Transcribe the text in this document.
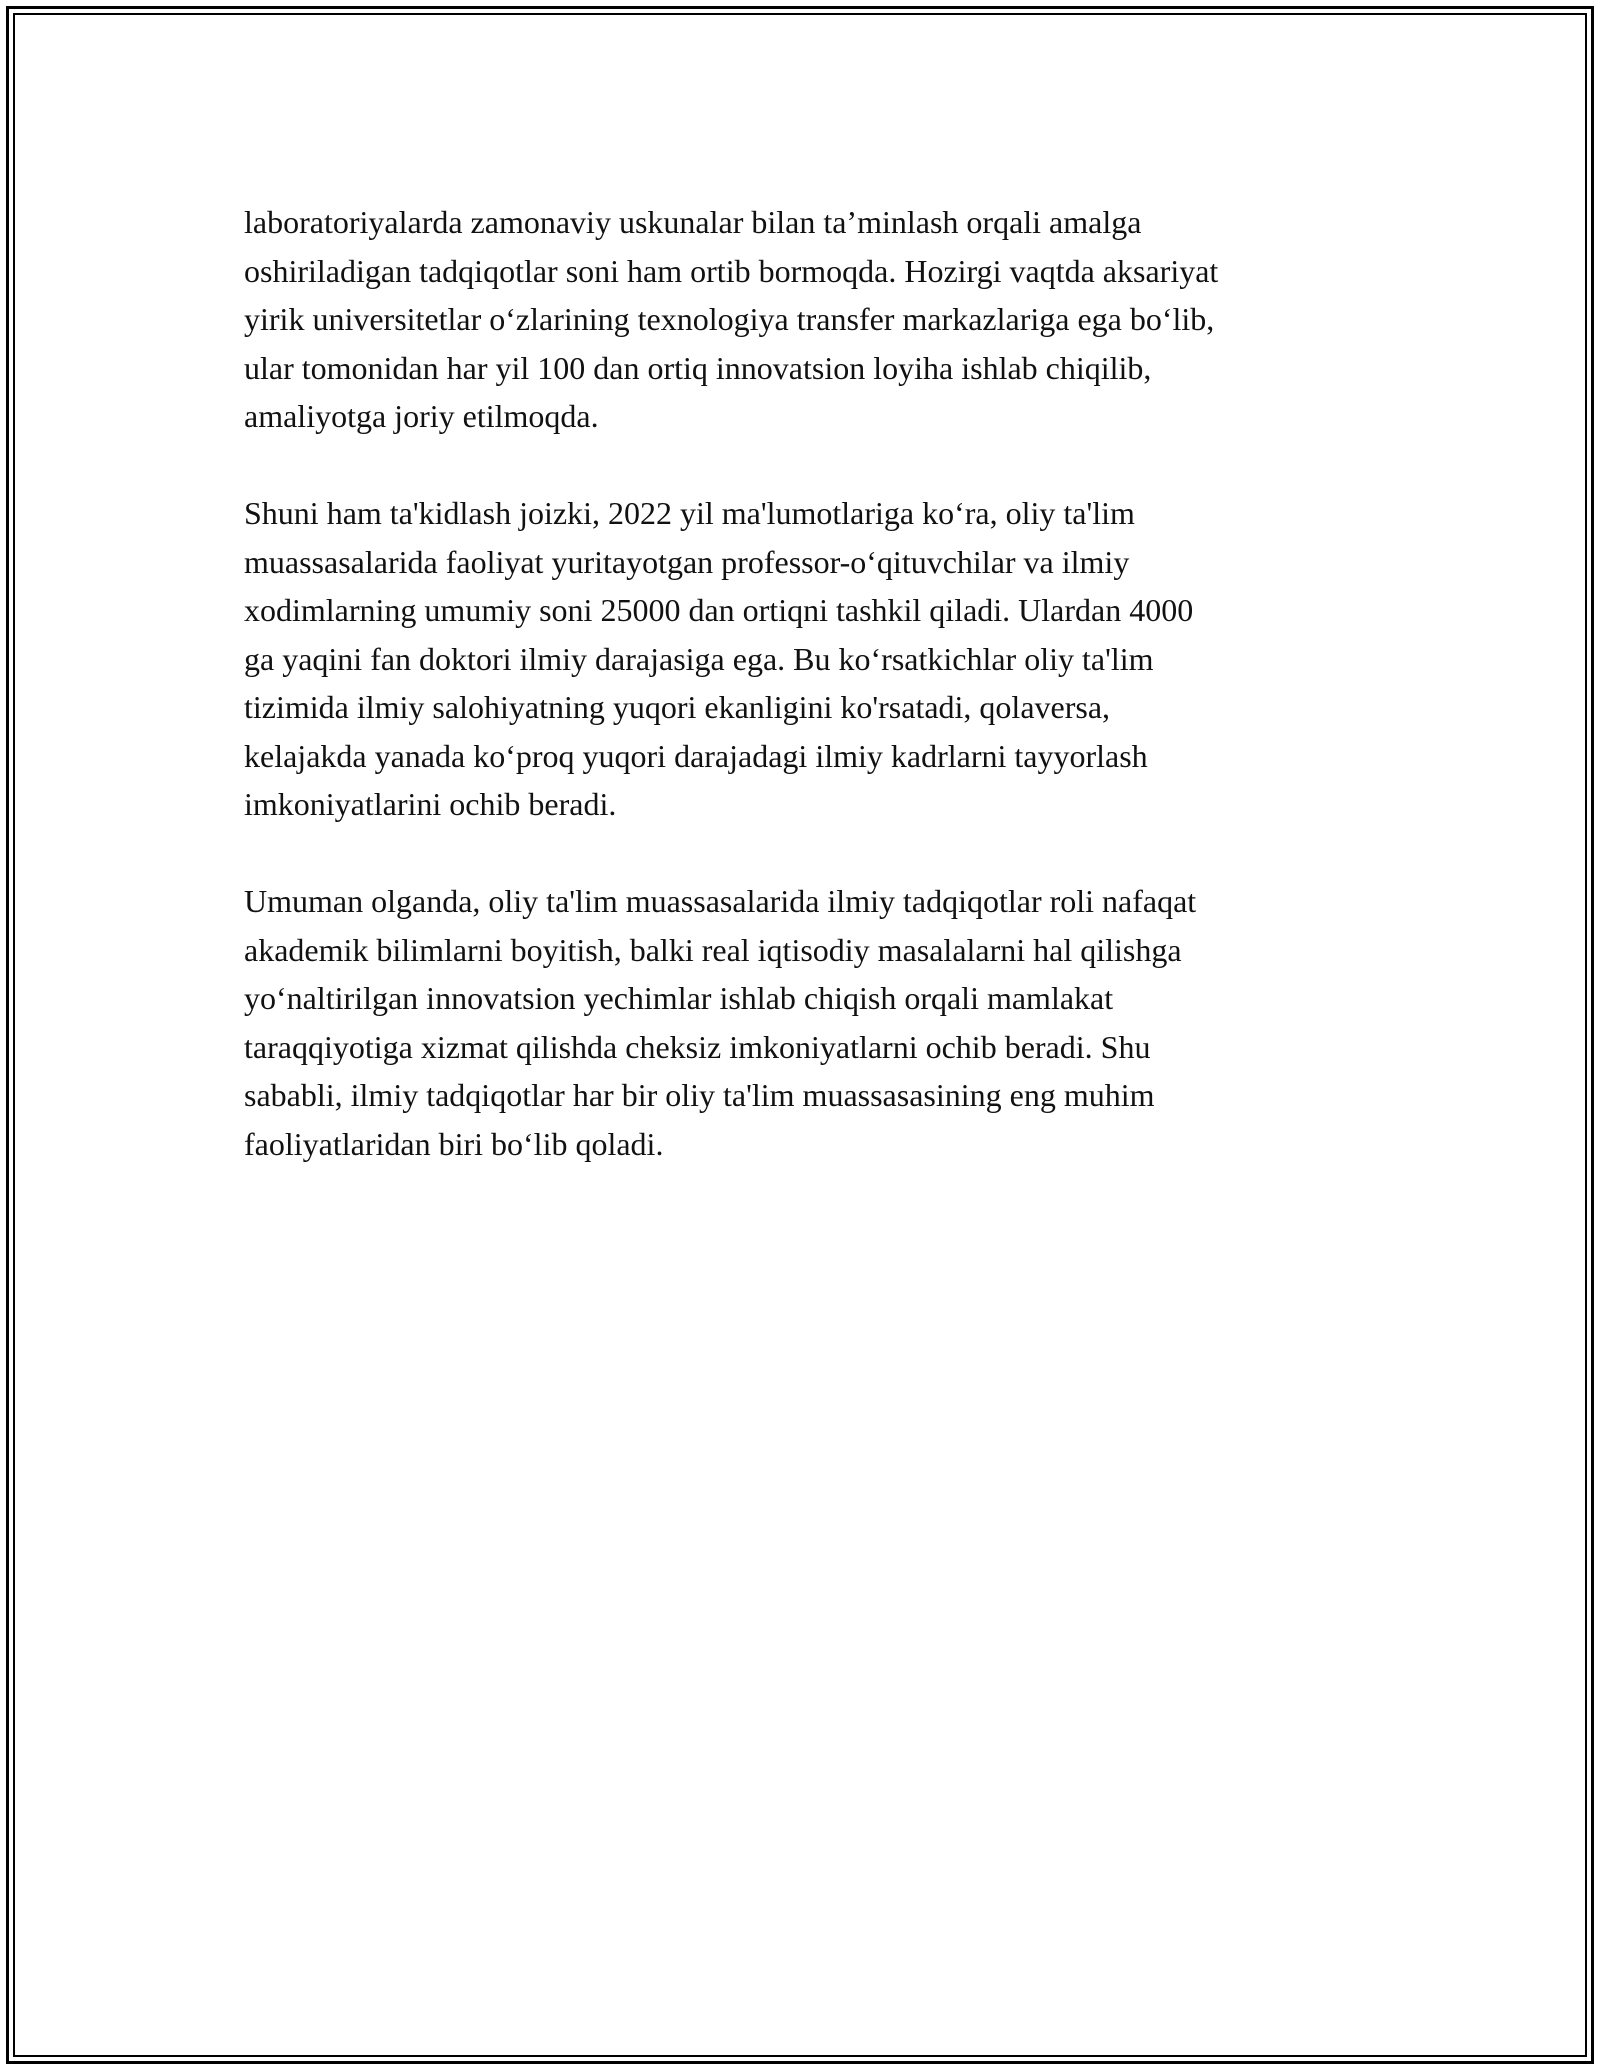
laboratoriyalarda zamonaviy uskunalar bilan ta’minlash orqali amalga
oshiriladigan tadqiqotlar soni ham ortib bormoqda. Hozirgi vaqtda aksariyat
yirik universitetlar o‘zlarining texnologiya transfer markazlariga ega bo‘lib,
ular tomonidan har yil 100 dan ortiq innovatsion loyiha ishlab chiqilib,
amaliyotga joriy etilmoqda.

Shuni ham ta'kidlash joizki, 2022 yil ma'lumotlariga ko‘ra, oliy ta'lim
muassasalarida faoliyat yuritayotgan professor-o‘qituvchilar va ilmiy
xodimlarning umumiy soni 25000 dan ortiqni tashkil qiladi. Ulardan 4000
ga yaqini fan doktori ilmiy darajasiga ega. Bu ko‘rsatkichlar oliy ta'lim
tizimida ilmiy salohiyatning yuqori ekanligini ko'rsatadi, qolaversa,
kelajakda yanada ko‘proq yuqori darajadagi ilmiy kadrlarni tayyorlash
imkoniyatlarini ochib beradi.

Umuman olganda, oliy ta'lim muassasalarida ilmiy tadqiqotlar roli nafaqat
akademik bilimlarni boyitish, balki real iqtisodiy masalalarni hal qilishga
yo‘naltirilgan innovatsion yechimlar ishlab chiqish orqali mamlakat
taraqqiyotiga xizmat qilishda cheksiz imkoniyatlarni ochib beradi. Shu
sababli, ilmiy tadqiqotlar har bir oliy ta'lim muassasasining eng muhim
faoliyatlaridan biri bo‘lib qoladi.
